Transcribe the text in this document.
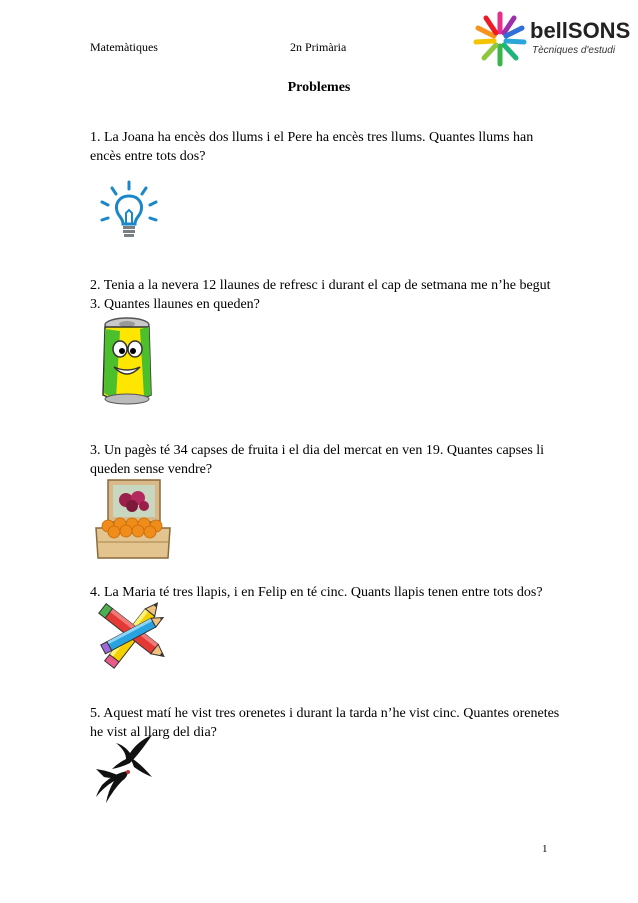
Matemàtiques	2n Primària
bellSONS
Tècniques d'estudi
Problemes
1. La Joana ha encès dos llums i el Pere ha encès tres llums. Quantes llums han encès entre tots dos?
2. Tenia a la nevera 12 llaunes de refresc i durant el cap de setmana me n’he begut 3. Quantes llaunes en queden?
3. Un pagès té 34 capses de fruita i el dia del mercat en ven 19. Quantes capses li queden sense vendre?
4. La Maria té tres llapis, i en Felip en té cinc. Quants llapis tenen entre tots dos?
5. Aquest matí he vist tres orenetes i durant la tarda n’he vist cinc. Quantes orenetes he vist al llarg del dia?
1
